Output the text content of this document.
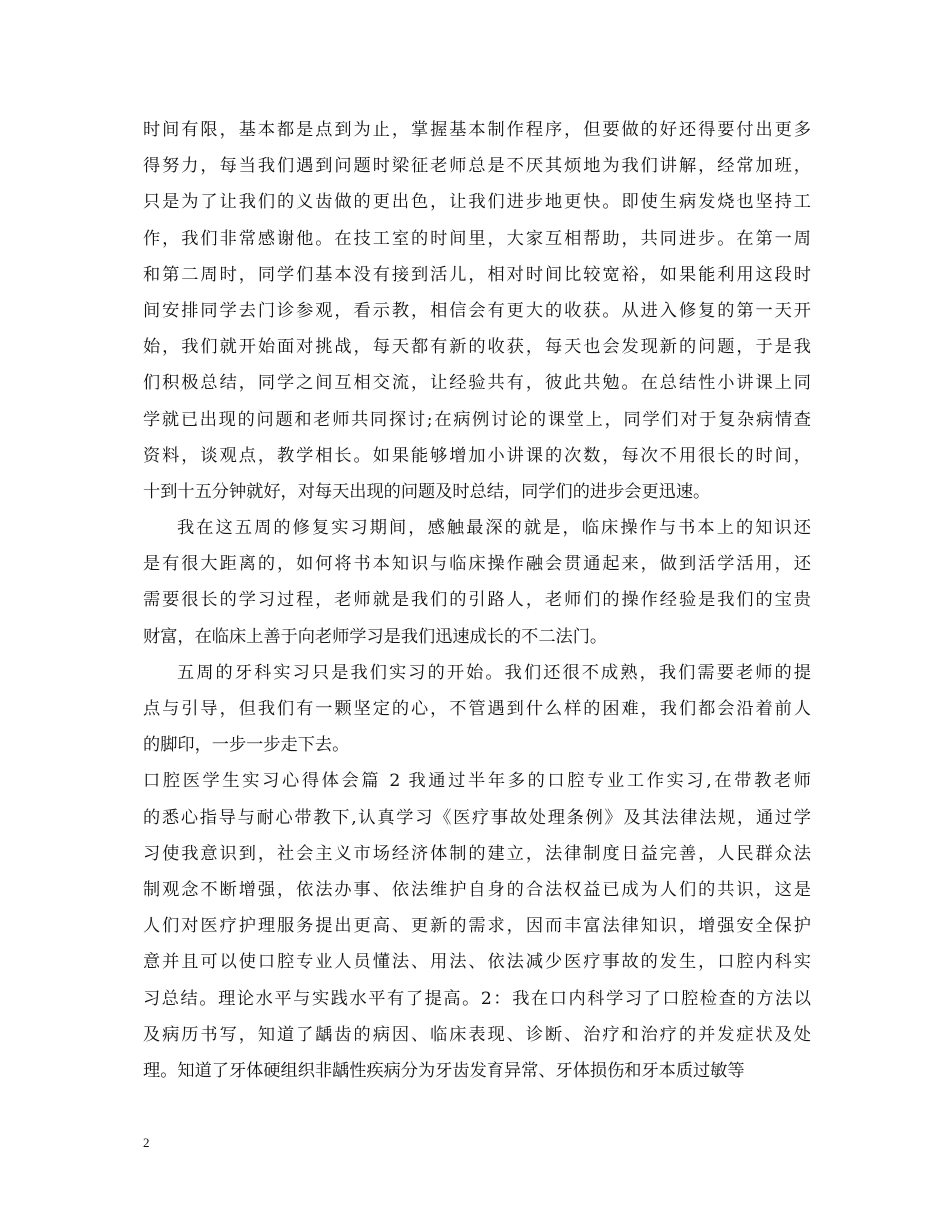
时间有限，基本都是点到为止，掌握基本制作程序，但要做的好还得要付出更多
得努力，每当我们遇到问题时梁征老师总是不厌其烦地为我们讲解，经常加班，
只是为了让我们的义齿做的更出色，让我们进步地更快。即使生病发烧也坚持工
作，我们非常感谢他。在技工室的时间里，大家互相帮助，共同进步。在第一周
和第二周时，同学们基本没有接到活儿，相对时间比较宽裕，如果能利用这段时
间安排同学去门诊参观，看示教，相信会有更大的收获。从进入修复的第一天开
始，我们就开始面对挑战，每天都有新的收获，每天也会发现新的问题，于是我
们积极总结，同学之间互相交流，让经验共有，彼此共勉。在总结性小讲课上同
学就已出现的问题和老师共同探讨;在病例讨论的课堂上，同学们对于复杂病情查
资料，谈观点，教学相长。如果能够增加小讲课的次数，每次不用很长的时间，
十到十五分钟就好，对每天出现的问题及时总结，同学们的进步会更迅速。
我在这五周的修复实习期间，感触最深的就是，临床操作与书本上的知识还
是有很大距离的，如何将书本知识与临床操作融会贯通起来，做到活学活用，还
需要很长的学习过程，老师就是我们的引路人，老师们的操作经验是我们的宝贵
财富，在临床上善于向老师学习是我们迅速成长的不二法门。
五周的牙科实习只是我们实习的开始。我们还很不成熟，我们需要老师的提
点与引导，但我们有一颗坚定的心，不管遇到什么样的困难，我们都会沿着前人
的脚印，一步一步走下去。
口腔医学生实习心得体会篇 2 我通过半年多的口腔专业工作实习,在带教老师
的悉心指导与耐心带教下,认真学习《医疗事故处理条例》及其法律法规，通过学
习使我意识到，社会主义市场经济体制的建立，法律制度日益完善，人民群众法
制观念不断增强，依法办事、依法维护自身的合法权益已成为人们的共识，这是
人们对医疗护理服务提出更高、更新的需求，因而丰富法律知识，增强安全保护
意并且可以使口腔专业人员懂法、用法、依法减少医疗事故的发生，口腔内科实
习总结。理论水平与实践水平有了提高。2：我在口内科学习了口腔检查的方法以
及病历书写，知道了龋齿的病因、临床表现、诊断、治疗和治疗的并发症状及处
理。知道了牙体硬组织非龋性疾病分为牙齿发育异常、牙体损伤和牙本质过敏等
2
